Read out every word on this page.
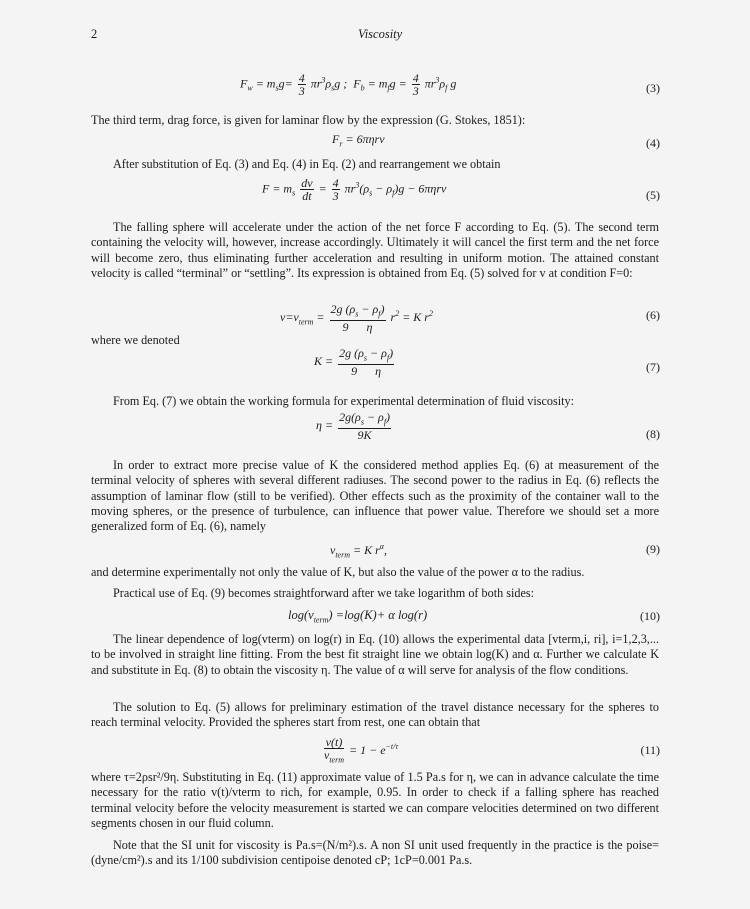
2	Viscosity
$F_w = m_sg= \frac{4}{3} \pi r^3\rho_sg$ ;  $F_b = m_fg = \frac{4}{3} \pi r^3\rho_f$ g	(3)
The third term, drag force, is given for laminar flow by the expression (G. Stokes, 1851):
$F_r = 6\pi\eta rv$	(4)
After substitution of Eq. (3) and Eq. (4) in Eq. (2) and rearrangement we obtain
$F = m_s \frac{dv}{dt} = \frac{4}{3} \pi r^3(\rho_s - \rho_f)g - 6\pi\eta rv$	(5)
The falling sphere will accelerate under the action of the net force F according to Eq. (5). The second term containing the velocity will, however, increase accordingly. Ultimately it will cancel the first term and the net force will become zero, thus eliminating further acceleration and resulting in uniform motion. The attained constant velocity is called “terminal” or “settling”. Its expression is obtained from Eq. (5) solved for v at condition F=0:
$v=v_{term} = \frac{2g (\rho_s - \rho_f)}{9 \eta} r^2 = K$ $r^2$	(6)
where we denoted
$K = \frac{2g (\rho_s - \rho_f)}{9 \eta}$	(7)
From Eq. (7) we obtain the working formula for experimental determination of fluid viscosity:
$\eta = \frac{2g(\rho_s - \rho_f)}{9K}$	(8)
In order to extract more precise value of K the considered method applies Eq. (6) at measurement of the terminal velocity of spheres with several different radiuses. The second power to the radius in Eq. (6) reflects the assumption of laminar flow (still to be verified). Other effects such as the proximity of the container wall to the moving spheres, or the presence of turbulence, can influence that power value. Therefore we should set a more generalized form of Eq. (6), namely
$v_{term} = K$ $r^\alpha$,	(9)
and determine experimentally not only the value of K, but also the value of the power α to the radius.
Practical use of Eq. (9) becomes straightforward after we take logarithm of both sides:
$\log(v_{term}) =\log(K)+ \alpha$ log(r)	(10)
The linear dependence of log(vterm) on log(r) in Eq. (10) allows the experimental data [vterm,i, ri], i=1,2,3,... to be involved in straight line fitting. From the best fit straight line we obtain log(K) and α. Further we calculate K and substitute in Eq. (8) to obtain the viscosity η. The value of α will serve for analysis of the flow conditions.
The solution to Eq. (5) allows for preliminary estimation of the travel distance necessary for the spheres to reach terminal velocity. Provided the spheres start from rest, one can obtain that
$\frac{v(t)}{v_{term}} = 1 - e^{-t/\tau}$	(11)
where τ=2ρsr²/9η. Substituting in Eq. (11) approximate value of 1.5 Pa.s for η, we can in advance calculate the time necessary for the ratio v(t)/vterm to rich, for example, 0.95. In order to check if a falling sphere has reached terminal velocity before the velocity measurement is started we can compare velocities determined on two different segments chosen in our fluid column.
Note that the SI unit for viscosity is Pa.s=(N/m²).s. A non SI unit used frequently in the practice is the poise= (dyne/cm²).s and its 1/100 subdivision centipoise denoted cP; 1cP=0.001 Pa.s.
